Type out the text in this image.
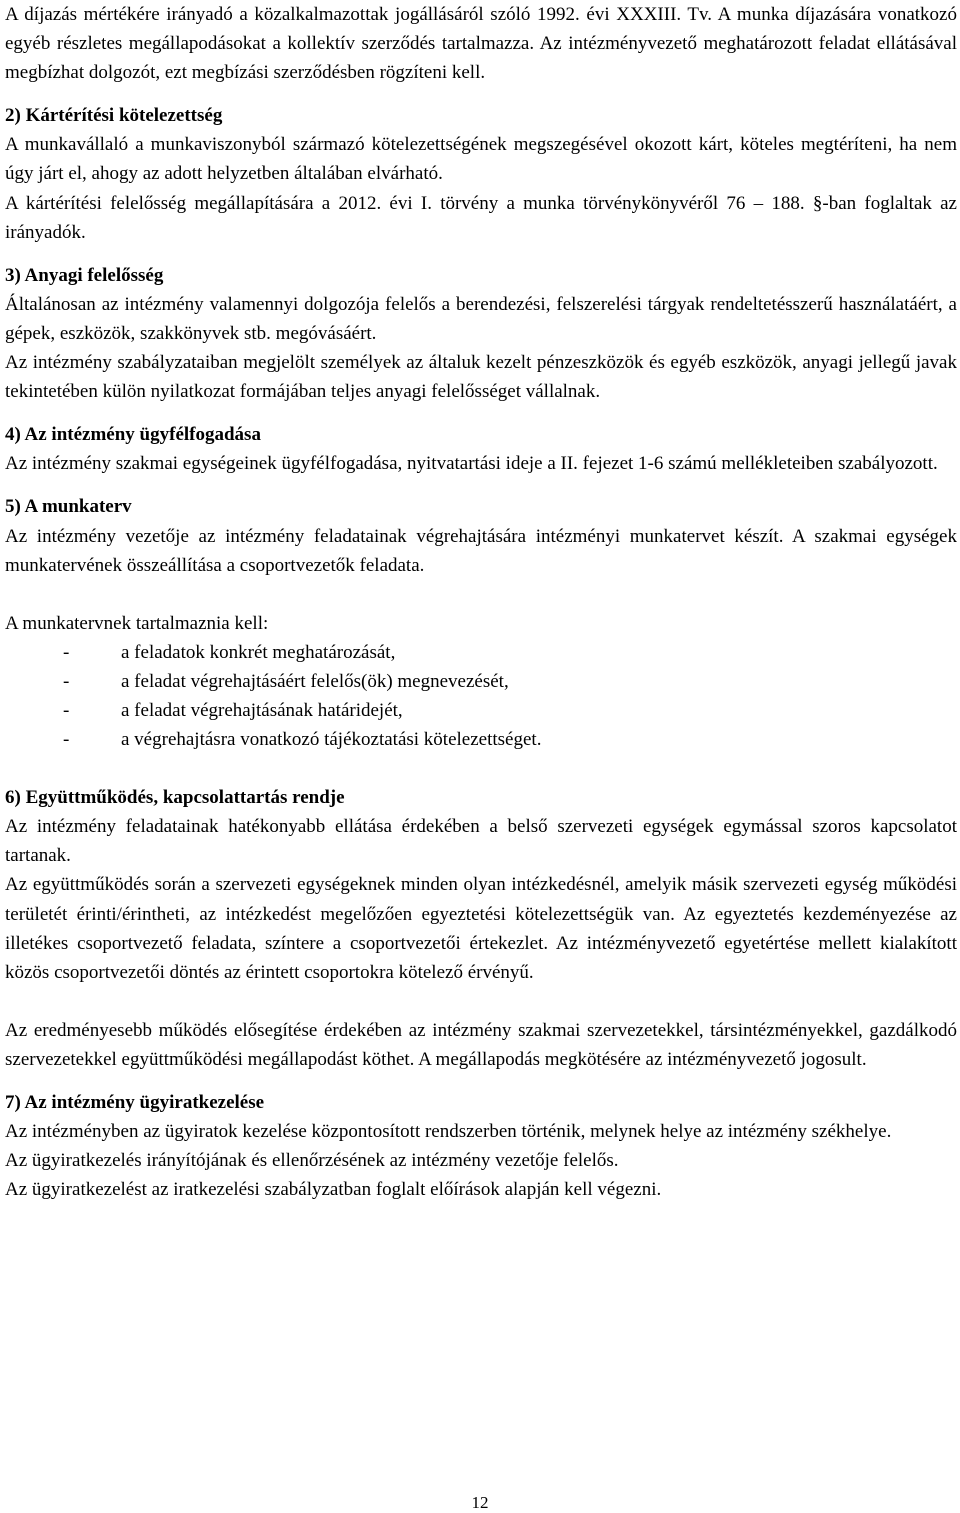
A díjazás mértékére irányadó a közalkalmazottak jogállásáról szóló 1992. évi XXXIII. Tv. A munka díjazására vonatkozó egyéb részletes megállapodásokat a kollektív szerződés tartalmazza. Az intézményvezető meghatározott feladat ellátásával megbízhat dolgozót, ezt megbízási szerződésben rögzíteni kell.

2) Kártérítési kötelezettség

A munkavállaló a munkaviszonyból származó kötelezettségének megszegésével okozott kárt, köteles megtéríteni, ha nem úgy járt el, ahogy az adott helyzetben általában elvárható.

A kártérítési felelősség megállapítására a 2012. évi I. törvény a munka törvénykönyvéről 76 – 188. §-ban foglaltak az irányadók.

3) Anyagi felelősség

Általánosan az intézmény valamennyi dolgozója felelős a berendezési, felszerelési tárgyak rendeltetésszerű használatáért, a gépek, eszközök, szakkönyvek stb. megóvásáért.

Az intézmény szabályzataiban megjelölt személyek az általuk kezelt pénzeszközök és egyéb eszközök, anyagi jellegű javak tekintetében külön nyilatkozat formájában teljes anyagi felelősséget vállalnak.

4) Az intézmény ügyfélfogadása

Az intézmény szakmai egységeinek ügyfélfogadása, nyitvatartási ideje a II. fejezet 1-6 számú mellékleteiben szabályozott.

5) A munkaterv

Az intézmény vezetője az intézmény feladatainak végrehajtására intézményi munkatervet készít. A szakmai egységek munkatervének összeállítása a csoportvezetők feladata.

A munkatervnek tartalmaznia kell:

-	a feladatok konkrét meghatározását,
-	a feladat végrehajtásáért felelős(ök) megnevezését,
-	a feladat végrehajtásának határidejét,
-	a végrehajtásra vonatkozó tájékoztatási kötelezettséget.
6) Együttműködés, kapcsolattartás rendje

Az intézmény feladatainak hatékonyabb ellátása érdekében a belső szervezeti egységek egymással szoros kapcsolatot tartanak.

Az együttműködés során a szervezeti egységeknek minden olyan intézkedésnél, amelyik másik szervezeti egység működési területét érinti/érintheti, az intézkedést megelőzően egyeztetési kötelezettségük van. Az egyeztetés kezdeményezése az illetékes csoportvezető feladata, színtere a csoportvezetői értekezlet. Az intézményvezető egyetértése mellett kialakított közös csoportvezetői döntés az érintett csoportokra kötelező érvényű.

Az eredményesebb működés elősegítése érdekében az intézmény szakmai szervezetekkel, társintézményekkel, gazdálkodó szervezetekkel együttműködési megállapodást köthet. A megállapodás megkötésére az intézményvezető jogosult.

7) Az intézmény ügyiratkezelése

Az intézményben az ügyiratok kezelése központosított rendszerben történik, melynek helye az intézmény székhelye.

Az ügyiratkezelés irányítójának és ellenőrzésének az intézmény vezetője felelős.

Az ügyiratkezelést az iratkezelési szabályzatban foglalt előírások alapján kell végezni.

12
